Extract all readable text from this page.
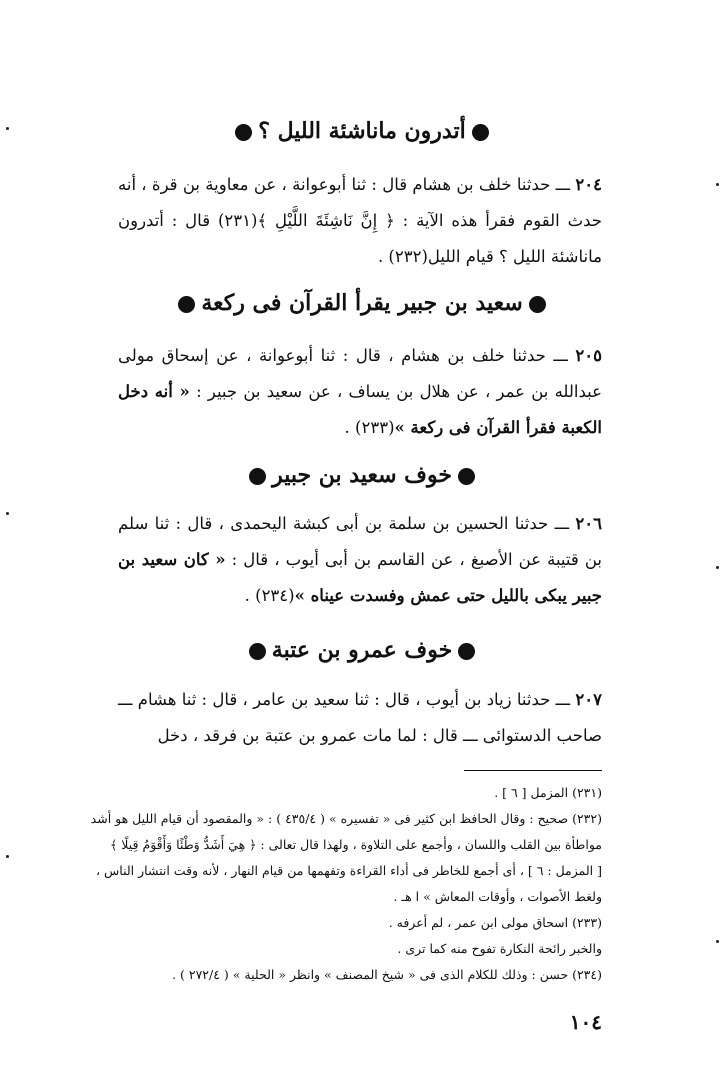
أتدرون ماناشئة الليل ؟
٢٠٤ ـــ حدثنا خلف بن هشام قال : ثنا أبوعوانة ، عن معاوية بن قرة ، أنه حدث القوم فقرأ هذه الآية : ﴿ إِنَّ نَاشِئَةَ اللَّيْلِ ﴾(٢٣١) قال : أتدرون ماناشئة الليل ؟ قيام الليل(٢٣٢) .
سعيد بن جبير يقرأ القرآن فى ركعة
٢٠٥ ـــ حدثنا خلف بن هشام ، قال : ثنا أبوعوانة ، عن إسحاق مولى عبدالله بن عمر ، عن هلال بن يساف ، عن سعيد بن جبير : « أنه دخل الكعبة فقرأ القرآن فى ركعة »(٢٣٣) .
خوف سعيد بن جبير
٢٠٦ ـــ حدثنا الحسين بن سلمة بن أبى كبشة اليحمدى ، قال : ثنا سلم بن قتيبة عن الأصبغ ، عن القاسم بن أبى أيوب ، قال : « كان سعيد بن جبير يبكى بالليل حتى عمش وفسدت عيناه »(٢٣٤) .
خوف عمرو بن عتبة
٢٠٧ ـــ حدثنا زياد بن أيوب ، قال : ثنا سعيد بن عامر ، قال : ثنا هشام ـــ صاحب الدستوائى ـــ قال : لما مات عمرو بن عتبة بن فرقد ، دخل
(٢٣١) المزمل [ ٦ ] .
(٢٣٢) صحيح : وقال الحافظ ابن كثير فى « تفسيره » ( ٤٣٥/٤ ) : « والمقصود أن قيام الليل هو أشد
مواطأة بين القلب واللسان ، وأجمع على التلاوة ، ولهذا قال تعالى : ﴿ هِيَ أَشَدُّ وَطْئًا وَأَقْوَمُ قِيلًا ﴾
[ المزمل : ٦ ] ، أى أجمع للخاطر فى أداء القراءة وتفهمها من قيام النهار ، لأنه وقت انتشار الناس ،
ولغط الأصوات ، وأوقات المعاش » ا هـ .
(٢٣٣) اسحاق مولى ابن عمر ، لم أعرفه .
والخبر رائحة النكارة تفوح منه كما ترى .
(٢٣٤) حسن : وذلك للكلام الذى فى « شيخ المصنف » وانظر « الحلية » ( ٢٧٢/٤ ) .
١٠٤
